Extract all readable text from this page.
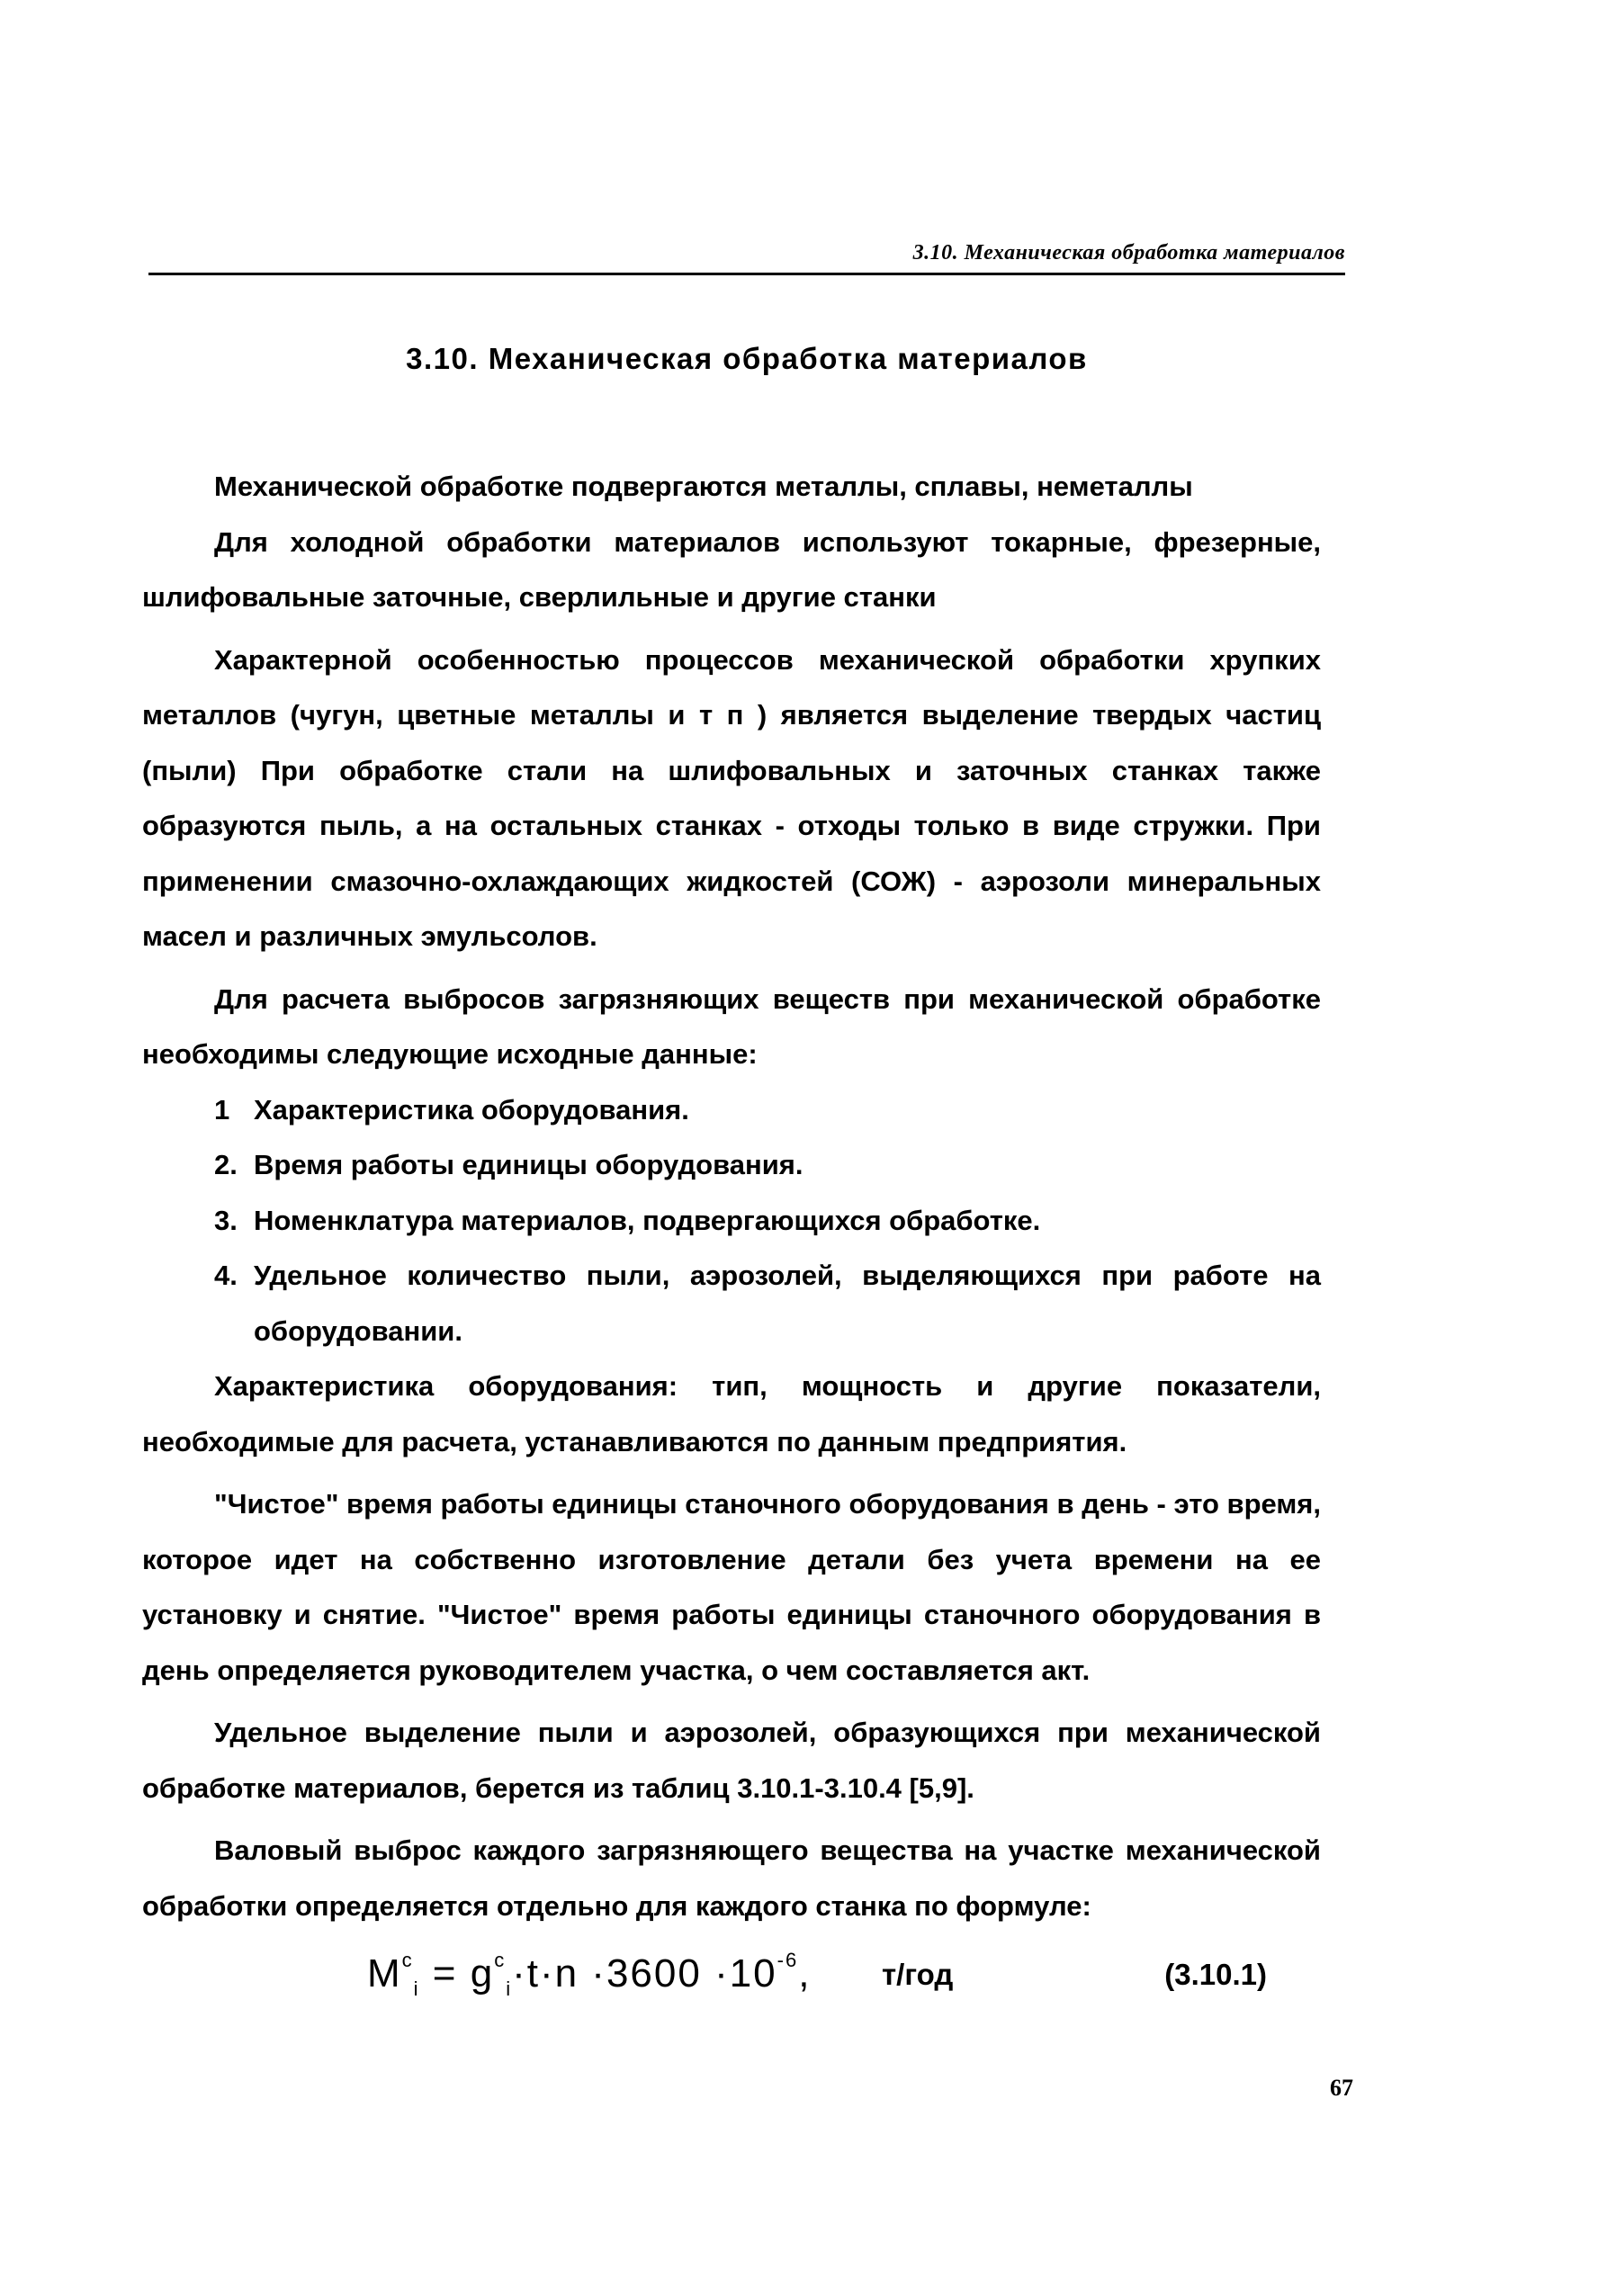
3.10. Механическая обработка материалов
3.10. Механическая обработка материалов

Механической обработке подвергаются металлы, сплавы, неметаллы

Для холодной обработки материалов используют токарные, фрезерные, шлифовальные заточные, сверлильные и другие станки

Характерной особенностью процессов механической обработки хрупких металлов (чугун, цветные металлы и т п ) является выделение твердых частиц (пыли) При обработке стали на шлифовальных и заточных станках также образуются пыль, а на остальных станках - отходы только в виде стружки. При применении смазочно-охлаждающих жидкостей (СОЖ) - аэрозоли минеральных масел и различных эмульсолов.

Для расчета выбросов загрязняющих веществ при механической обработке необходимы следующие исходные данные:

1 Характеристика оборудования.
2. Время работы единицы оборудования.
3. Номенклатура материалов, подвергающихся обработке.
4. Удельное количество пыли, аэрозолей, выделяющихся при работе на оборудовании.

Характеристика оборудования: тип, мощность и другие показатели, необходимые для расчета, устанавливаются по данным предприятия.

"Чистое" время работы единицы станочного оборудования в день - это время, которое идет на собственно изготовление детали без учета времени на ее установку и снятие. "Чистое" время работы единицы станочного оборудования в день определяется руководителем участка, о чем составляется акт.

Удельное выделение пыли и аэрозолей, образующихся при механической обработке материалов, берется из таблиц 3.10.1-3.10.4 [5,9].

Валовый выброс каждого загрязняющего вещества на участке механической обработки определяется отдельно для каждого станка по формуле:

$M^c_i = g^c_i\cdot t\cdot n \cdot 3600 \cdot 10^{-6}$, т/год	(3.10.1)
67
